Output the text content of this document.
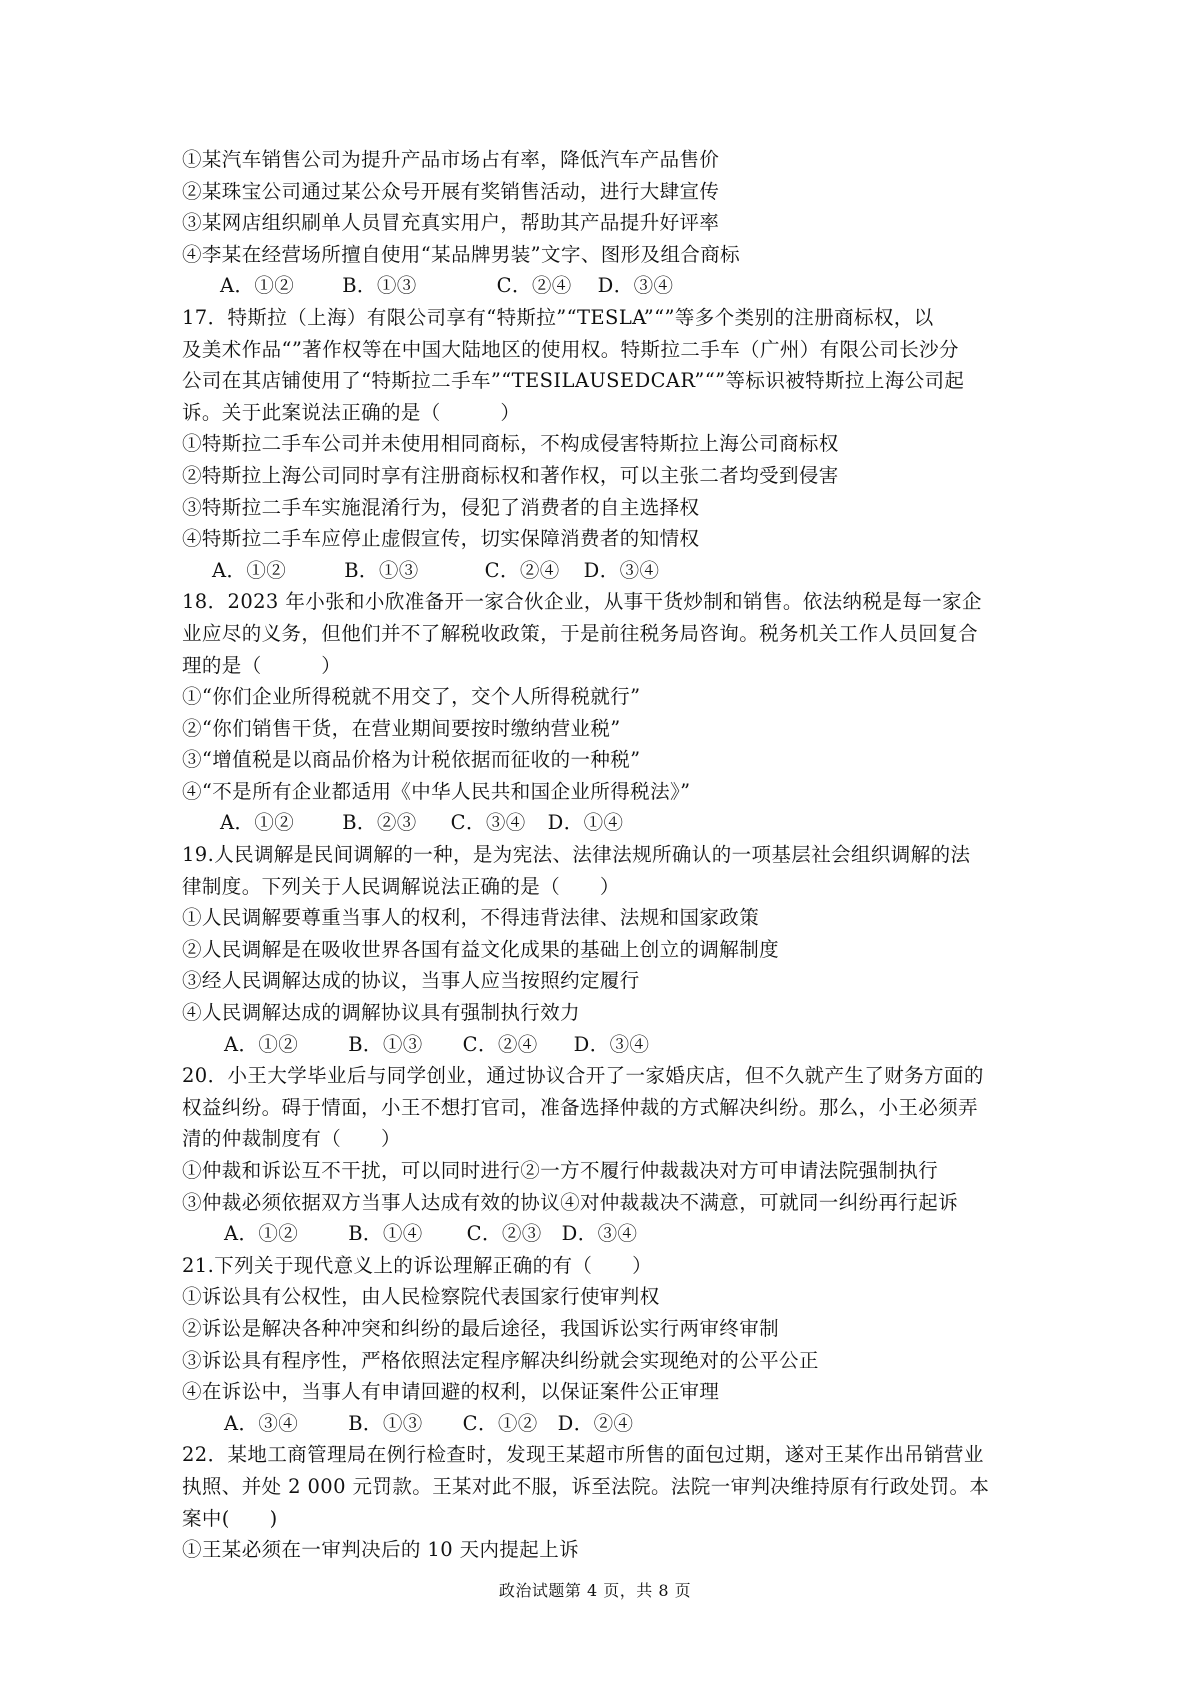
①某汽车销售公司为提升产品市场占有率，降低汽车产品售价
②某珠宝公司通过某公众号开展有奖销售活动，进行大肆宣传
③某网店组织刷单人员冒充真实用户，帮助其产品提升好评率
④李某在经营场所擅自使用“某品牌男装”文字、图形及组合商标
A．①② B．①③	C．②④ D．③④
17．特斯拉（上海）有限公司享有“特斯拉”“TESLA”“”等多个类别的注册商标权，以
及美术作品“”著作权等在中国大陆地区的使用权。特斯拉二手车（广州）有限公司长沙分
公司在其店铺使用了“特斯拉二手车”“TESILAUSEDCAR”“”等标识被特斯拉上海公司起
诉。关于此案说法正确的是（　　　）
①特斯拉二手车公司并未使用相同商标，不构成侵害特斯拉上海公司商标权
②特斯拉上海公司同时享有注册商标权和著作权，可以主张二者均受到侵害
③特斯拉二手车实施混淆行为，侵犯了消费者的自主选择权
④特斯拉二手车应停止虚假宣传，切实保障消费者的知情权
A．①②	B．①③	C．②④ D．③④
18．2023 年小张和小欣准备开一家合伙企业，从事干货炒制和销售。依法纳税是每一家企
业应尽的义务，但他们并不了解税收政策，于是前往税务局咨询。税务机关工作人员回复合
理的是（　　　）
①“你们企业所得税就不用交了，交个人所得税就行”
②“你们销售干货，在营业期间要按时缴纳营业税”
③“增值税是以商品价格为计税依据而征收的一种税”
④“不是所有企业都适用《中华人民共和国企业所得税法》”
A．①② B．②③ C．③④ D．①④
19.人民调解是民间调解的一种，是为宪法、法律法规所确认的一项基层社会组织调解的法
律制度。下列关于人民调解说法正确的是（　　）
①人民调解要尊重当事人的权利，不得违背法律、法规和国家政策
②人民调解是在吸收世界各国有益文化成果的基础上创立的调解制度
③经人民调解达成的协议，当事人应当按照约定履行
④人民调解达成的调解协议具有强制执行效力
A．①②	B．①③ C．②④ D．③④
20．小王大学毕业后与同学创业，通过协议合开了一家婚庆店，但不久就产生了财务方面的
权益纠纷。碍于情面，小王不想打官司，准备选择仲裁的方式解决纠纷。那么，小王必须弄
清的仲裁制度有（　　）
①仲裁和诉讼互不干扰，可以同时进行②一方不履行仲裁裁决对方可申请法院强制执行
③仲裁必须依据双方当事人达成有效的协议④对仲裁裁决不满意，可就同一纠纷再行起诉
A．①②	B．①④ C．②③ D．③④
21.下列关于现代意义上的诉讼理解正确的有（　　）
①诉讼具有公权性，由人民检察院代表国家行使审判权
②诉讼是解决各种冲突和纠纷的最后途径，我国诉讼实行两审终审制
③诉讼具有程序性，严格依照法定程序解决纠纷就会实现绝对的公平公正
④在诉讼中，当事人有申请回避的权利，以保证案件公正审理
A．③④	B．①③ C．①② D．②④
22．某地工商管理局在例行检查时，发现王某超市所售的面包过期，遂对王某作出吊销营业
执照、并处 2 000 元罚款。王某对此不服，诉至法院。法院一审判决维持原有行政处罚。本
案中(　　)
①王某必须在一审判决后的 10 天内提起上诉
政治试题第 4 页，共 8 页
